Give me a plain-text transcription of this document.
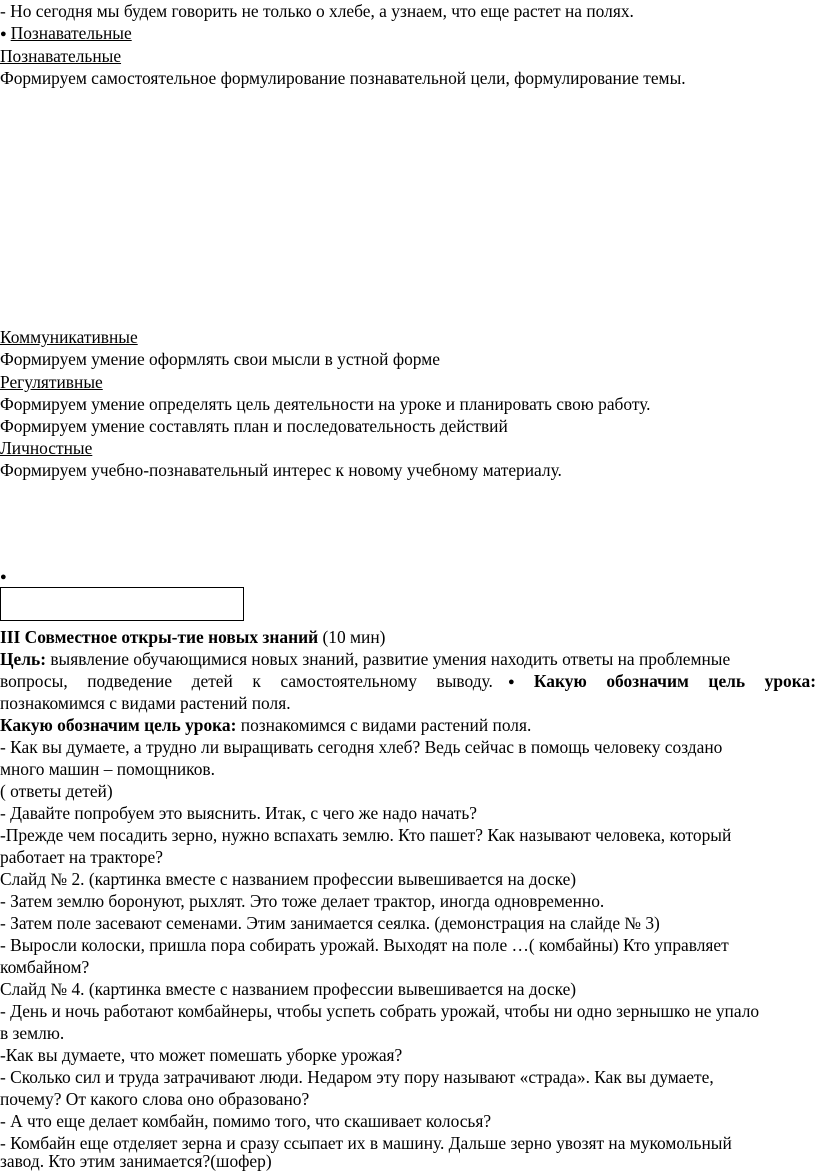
- Но сегодня мы будем говорить не только о хлебе, а узнаем, что еще растет на полях.
● Познавательные
Познавательные
Формируем самостоятельное формулирование познавательной цели, формулирование темы.
Коммуникативные
Формируем умение оформлять свои мысли в устной форме
Регулятивные
Формируем умение определять цель деятельности на уроке и планировать свою работу.
Формируем умение составлять план и последовательность действий
Личностные
Формируем учебно-познавательный интерес к новому учебному материалу.
●
III Совместное откры-тие новых знаний (10 мин)
Цель: выявление обучающимися новых знаний, развитие умения находить ответы на проблемные
вопросы, подведение детей к самостоятельному выводу.● Какую обозначим цель урока:
познакомимся с видами растений поля.
Какую обозначим цель урока: познакомимся с видами растений поля.
- Как вы думаете, а трудно ли выращивать сегодня хлеб? Ведь сейчас в помощь человеку создано
много машин – помощников.
( ответы детей)
- Давайте попробуем это выяснить. Итак, с чего же надо начать?
-Прежде чем посадить зерно, нужно вспахать землю. Кто пашет? Как называют человека, который
работает на тракторе?
Слайд № 2. (картинка вместе с названием профессии вывешивается на доске)
- Затем землю боронуют, рыхлят. Это тоже делает трактор, иногда одновременно.
- Затем поле засевают семенами. Этим занимается сеялка. (демонстрация на слайде № 3)
- Выросли колоски, пришла пора собирать урожай. Выходят на поле …( комбайны) Кто управляет
комбайном?
Слайд № 4. (картинка вместе с названием профессии вывешивается на доске)
- День и ночь работают комбайнеры, чтобы успеть собрать урожай, чтобы ни одно зернышко не упало
в землю.
-Как вы думаете, что может помешать уборке урожая?
- Сколько сил и труда затрачивают люди. Недаром эту пору называют «страда». Как вы думаете,
почему? От какого слова оно образовано?
- А что еще делает комбайн, помимо того, что скашивает колосья?
- Комбайн еще отделяет зерна и сразу ссыпает их в машину. Дальше зерно увозят на мукомольный
завод. Кто этим занимается?(шофер)
